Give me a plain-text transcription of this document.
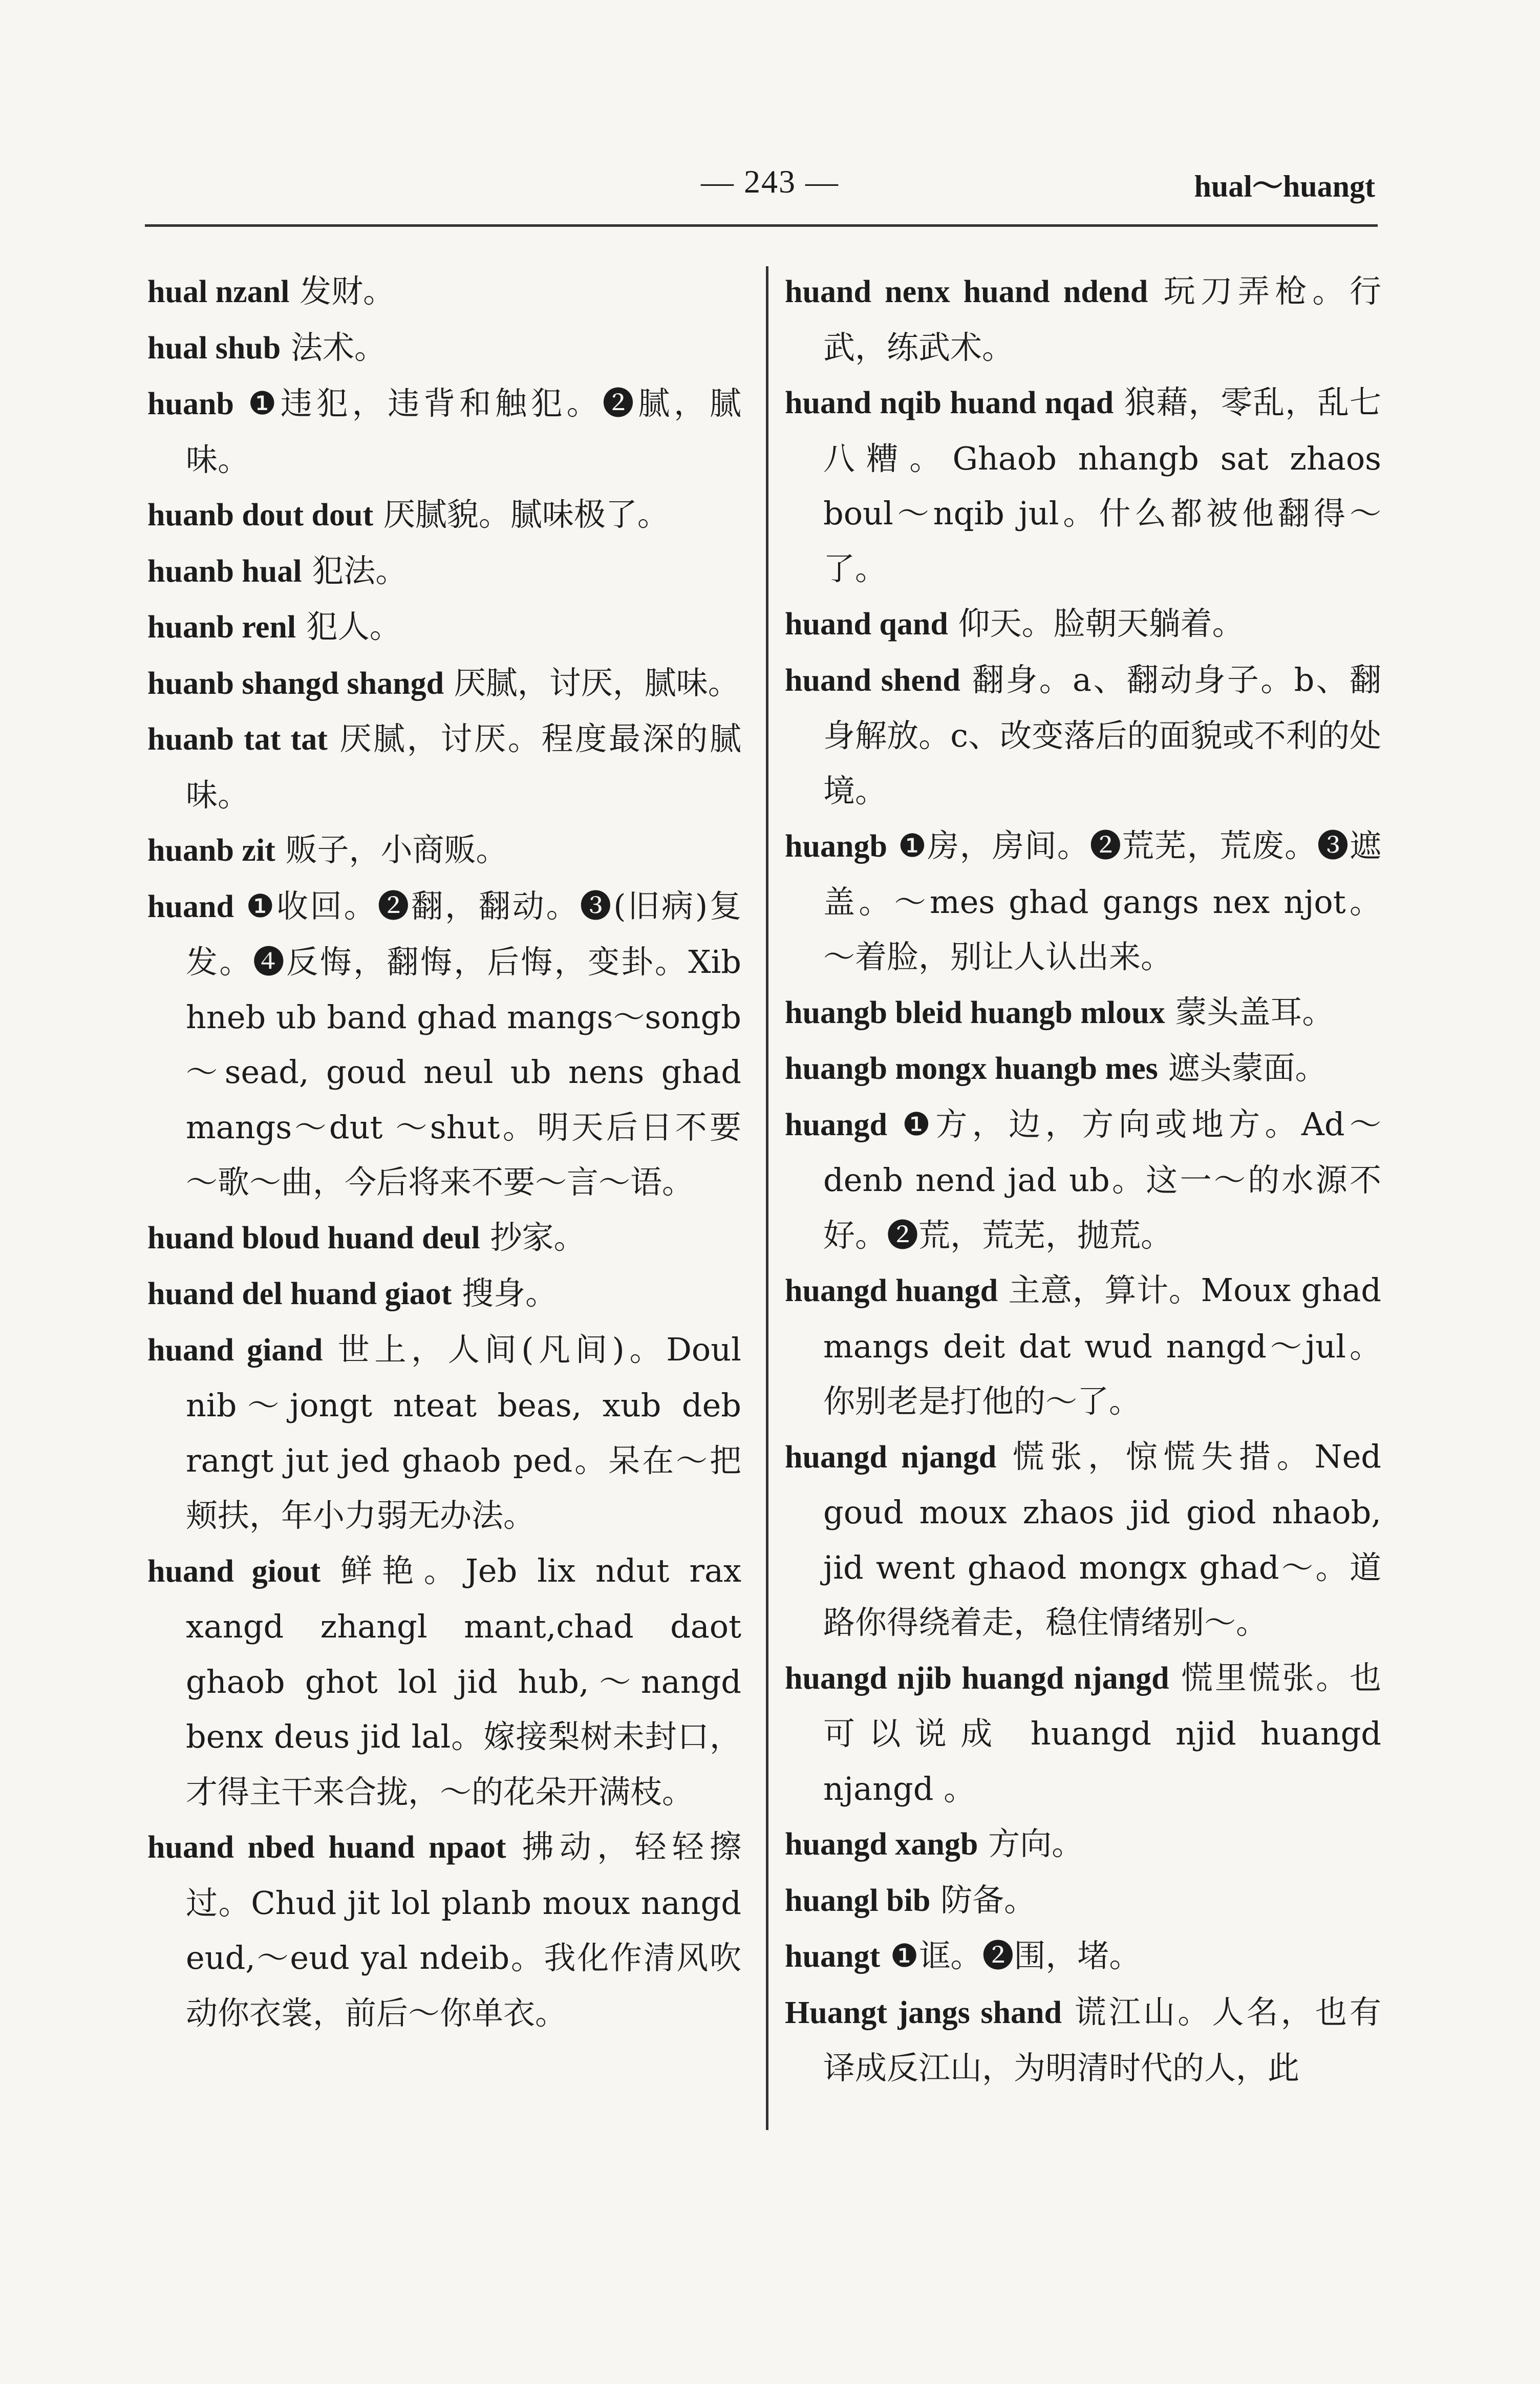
— 243 —	hual～huangt

hual nzanl 发财。

hual shub 法术。

huanb ❶违犯，违背和触犯。❷腻，腻味。

huanb dout dout 厌腻貌。腻味极了。

huanb hual 犯法。

huanb renl 犯人。

huanb shangd shangd 厌腻，讨厌，腻味。

huanb tat tat 厌腻，讨厌。程度最深的腻味。

huanb zit 贩子，小商贩。

huand ❶收回。❷翻，翻动。❸(旧病)复发。❹反悔，翻悔，后悔，变卦。Xib hneb ub band ghad mangs～songb～sead, goud neul ub nens ghad mangs～dut ～shut。明天后日不要～歌～曲，今后将来不要～言～语。

huand bloud huand deul 抄家。

huand del huand giaot 搜身。

huand giand 世上，人间(凡间)。Doul nib～jongt nteat beas, xub deb rangt jut jed ghaob ped。呆在～把颊扶，年小力弱无办法。

huand giout 鲜艳。Jeb lix ndut rax xangd zhangl mant,chad daot ghaob ghot lol jid hub,～nangd benx deus jid lal。嫁接梨树未封口，才得主干来合拢，～的花朵开满枝。

huand nbed huand npaot 拂动，轻轻擦过。Chud jit lol planb moux nangd eud,～eud yal ndeib。我化作清风吹动你衣裳，前后～你单衣。

huand nenx huand ndend 玩刀弄枪。行武，练武术。

huand nqib huand nqad 狼藉，零乱，乱七八糟。Ghaob nhangb sat zhaos boul～nqib jul。什么都被他翻得～了。

huand qand 仰天。脸朝天躺着。

huand shend 翻身。a、翻动身子。b、翻身解放。c、改变落后的面貌或不利的处境。

huangb ❶房，房间。❷荒芜，荒废。❸遮盖。～mes ghad gangs nex njot。～着脸，别让人认出来。

huangb bleid huangb mloux 蒙头盖耳。

huangb mongx huangb mes 遮头蒙面。

huangd ❶方，边，方向或地方。Ad～denb nend jad ub。这一～的水源不好。❷荒，荒芜，抛荒。

huangd huangd 主意，算计。Moux ghad mangs deit dat wud nangd～jul。你别老是打他的～了。

huangd njangd 慌张，惊慌失措。Ned goud moux zhaos jid giod nhaob, jid went ghaod mongx ghad～。道路你得绕着走，稳住情绪别～。

huangd njib huangd njangd 慌里慌张。也可以说成 huangd njid huangd njangd 。

huangd xangb 方向。

huangl bib 防备。

huangt ❶诓。❷围，堵。

Huangt jangs shand 谎江山。人名，也有译成反江山，为明清时代的人，此
